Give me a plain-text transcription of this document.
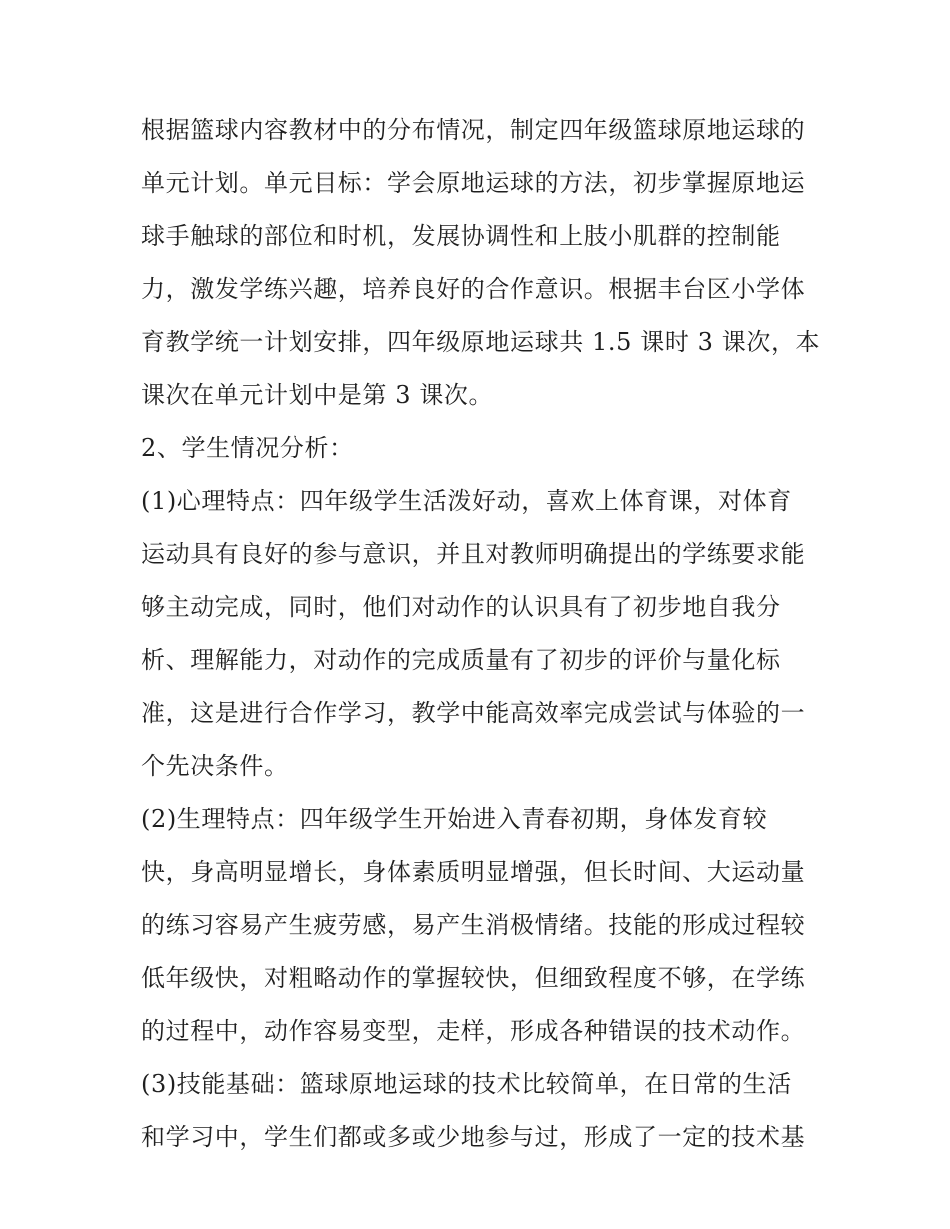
根据篮球内容教材中的分布情况，制定四年级篮球原地运球的
单元计划。单元目标：学会原地运球的方法，初步掌握原地运
球手触球的部位和时机，发展协调性和上肢小肌群的控制能
力，激发学练兴趣，培养良好的合作意识。根据丰台区小学体
育教学统一计划安排，四年级原地运球共 1.5 课时 3 课次，本
课次在单元计划中是第 3 课次。
2、学生情况分析：
(1)心理特点：四年级学生活泼好动，喜欢上体育课，对体育
运动具有良好的参与意识，并且对教师明确提出的学练要求能
够主动完成，同时，他们对动作的认识具有了初步地自我分
析、理解能力，对动作的完成质量有了初步的评价与量化标
准，这是进行合作学习，教学中能高效率完成尝试与体验的一
个先决条件。
(2)生理特点：四年级学生开始进入青春初期，身体发育较
快，身高明显增长，身体素质明显增强，但长时间、大运动量
的练习容易产生疲劳感，易产生消极情绪。技能的形成过程较
低年级快，对粗略动作的掌握较快，但细致程度不够，在学练
的过程中，动作容易变型，走样，形成各种错误的技术动作。
(3)技能基础：篮球原地运球的技术比较简单，在日常的生活
和学习中，学生们都或多或少地参与过，形成了一定的技术基
